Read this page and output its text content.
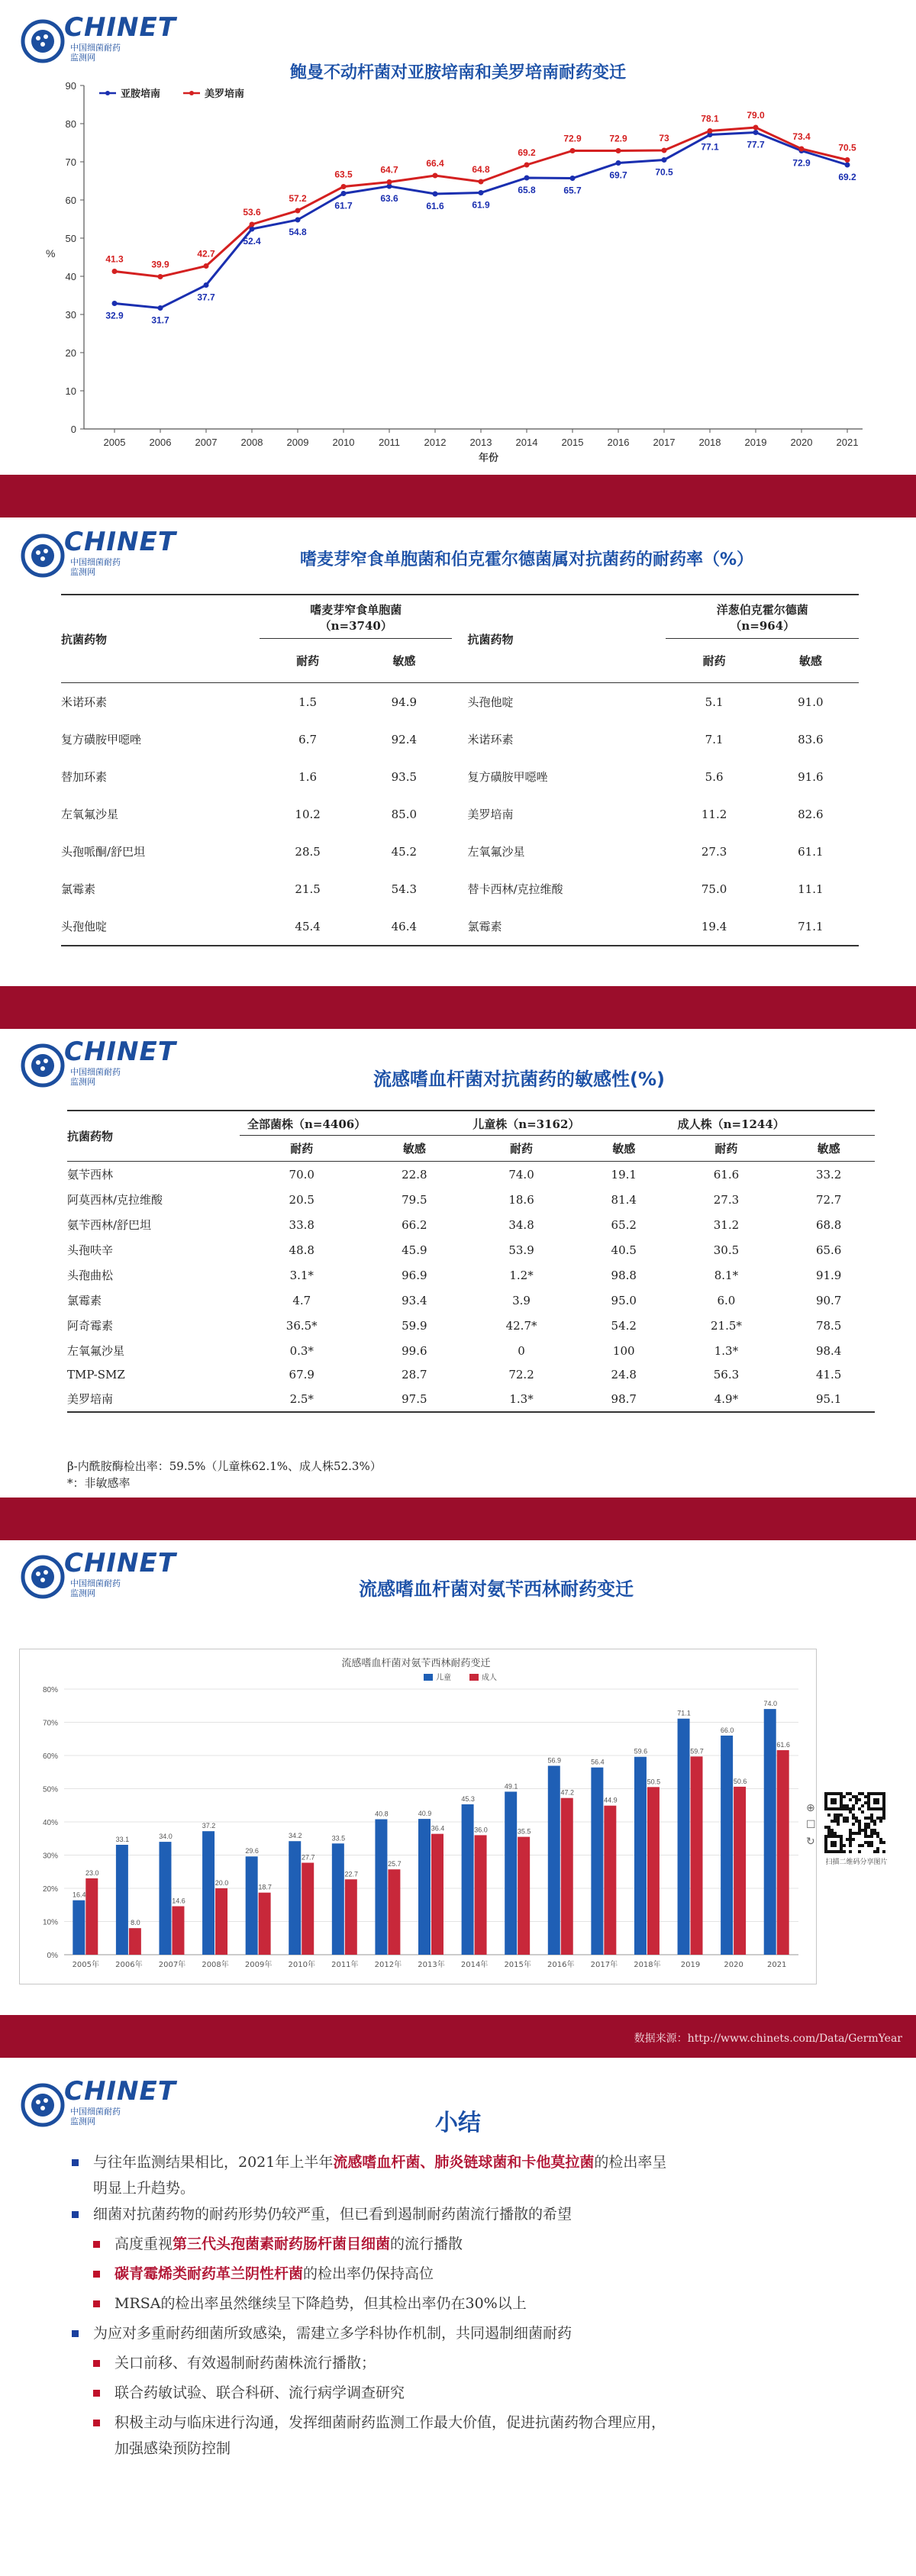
CHINET
中国细菌耐药
监测网
鲍曼不动杆菌对亚胺培南和美罗培南耐药变迁
0
10
20
30
40
50
60
70
80
90
2005 2006 2007 2008 2009 2010 2011 2012 2013 2014 2015 2016 2017 2018 2019 2020 2021
%
年份
32.9	31.7
37.7
52.4
54.8
61.7
63.6
61.6	61.9
65.8	65.7
69.7	70.5
77.1	77.7
72.9
69.2
亚胺培南
41.3	39.9
42.7
53.6
57.2
63.5	64.7
66.4
64.8
69.2
72.9	72.9	73
78.1	79.0
73.4
70.5
美罗培南
CHINET
中国细菌耐药
监测网
嗜麦芽窄食单胞菌和伯克霍尔德菌属对抗菌药的耐药率（%）
抗菌药物	嗜麦芽窄食单胞菌
（n=3740）		抗菌药物	洋葱伯克霍尔德菌
（n=964）	
	耐药	敏感		耐药	敏感
米诺环素	1.5	94.9	头孢他啶	5.1	91.0
复方磺胺甲噁唑	6.7	92.4	米诺环素	7.1	83.6
替加环素	1.6	93.5	复方磺胺甲噁唑	5.6	91.6
左氧氟沙星	10.2	85.0	美罗培南	11.2	82.6
头孢哌酮/舒巴坦	28.5	45.2	左氧氟沙星	27.3	61.1
氯霉素	21.5	54.3	替卡西林/克拉维酸	75.0	11.1
头孢他啶	45.4	46.4	氯霉素	19.4	71.1
CHINET
中国细菌耐药
监测网	流感嗜血杆菌对抗菌药的敏感性(%)
抗菌药物	全部菌株（n=4406）		儿童株（n=3162）		成人株（n=1244）	
	耐药	敏感	耐药	敏感	耐药	敏感
氨苄西林	70.0	22.8	74.0	19.1	61.6	33.2
阿莫西林/克拉维酸	20.5	79.5	18.6	81.4	27.3	72.7
氨苄西林/舒巴坦	33.8	66.2	34.8	65.2	31.2	68.8
头孢呋辛	48.8	45.9	53.9	40.5	30.5	65.6
头孢曲松	3.1*	96.9	1.2*	98.8	8.1*	91.9
氯霉素	4.7	93.4	3.9	95.0	6.0	90.7
阿奇霉素	36.5*	59.9	42.7*	54.2	21.5*	78.5
左氧氟沙星	0.3*	99.6	0	100	1.3*	98.4
TMP-SMZ	67.9	28.7	72.2	24.8	56.3	41.5
美罗培南	2.5*	97.5	1.3*	98.7	4.9*	95.1
β-内酰胺酶检出率：59.5%（儿童株62.1%、成人株52.3%）
*：非敏感率
CHINET
中国细菌耐药
监测网	流感嗜血杆菌对氨苄西林耐药变迁
流感嗜血杆菌对氨苄西林耐药变迁
0%
10%
20%
30%
40%
50%
60%
70%
80%
2005年
16.4
23.0
2006年
33.1
8.0
2007年
34.0
14.6
2008年
37.2
20.0
2009年
29.6
18.7
2010年
34.2
27.7
2011年
33.5
22.7
2012年
40.8
25.7
2013年
40.9
36.4
2014年
45.3
36.0
2015年
49.1
35.5
2016年
56.9
47.2
2017年
56.4
44.9
2018年
59.6
50.5
2019
71.1
59.7
2020
66.0
50.6
2021
74.0
61.6
儿童	成人
扫描二维码分享图片
⊕
☐
↻
数据来源：http://www.chinets.com/Data/GermYear
CHINET
中国细菌耐药
监测网	小结
与往年监测结果相比，2021年上半年流感嗜血杆菌、肺炎链球菌和卡他莫拉菌的检出率呈
明显上升趋势。
细菌对抗菌药物的耐药形势仍较严重，但已看到遏制耐药菌流行播散的希望
高度重视第三代头孢菌素耐药肠杆菌目细菌的流行播散
碳青霉烯类耐药革兰阴性杆菌的检出率仍保持高位
MRSA的检出率虽然继续呈下降趋势，但其检出率仍在30%以上
为应对多重耐药细菌所致感染，需建立多学科协作机制，共同遏制细菌耐药
关口前移、有效遏制耐药菌株流行播散；
联合药敏试验、联合科研、流行病学调查研究
积极主动与临床进行沟通，发挥细菌耐药监测工作最大价值，促进抗菌药物合理应用，
加强感染预防控制
